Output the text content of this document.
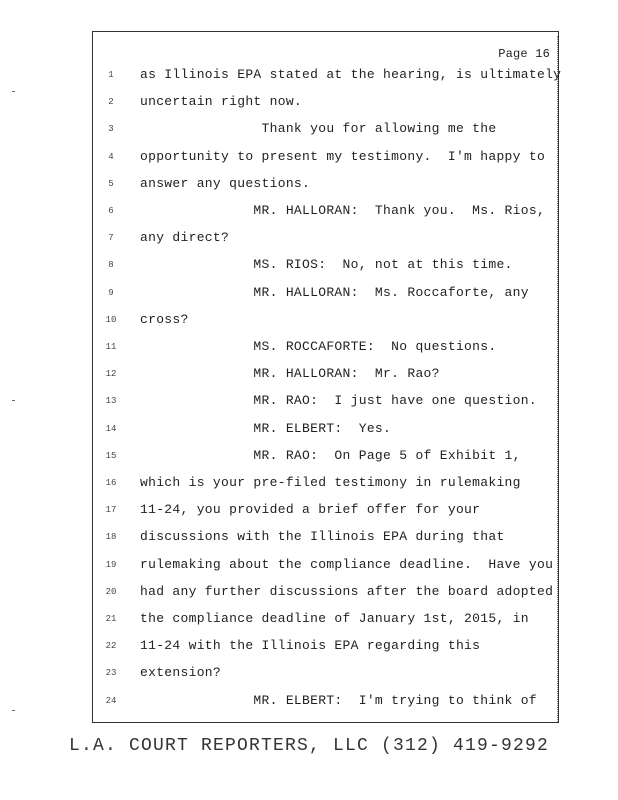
Page 16
1 as Illinois EPA stated at the hearing, is ultimately
2 uncertain right now.
3 Thank you for allowing me the
4 opportunity to present my testimony.  I'm happy to
5 answer any questions.
6 MR. HALLORAN:  Thank you.  Ms. Rios,
7 any direct?
8 MS. RIOS:  No, not at this time.
9 MR. HALLORAN:  Ms. Roccaforte, any
10 cross?
11 MS. ROCCAFORTE:  No questions.
12 MR. HALLORAN:  Mr. Rao?
13 MR. RAO:  I just have one question.
14 MR. ELBERT:  Yes.
15 MR. RAO:  On Page 5 of Exhibit 1,
16 which is your pre-filed testimony in rulemaking
17 11-24, you provided a brief offer for your
18 discussions with the Illinois EPA during that
19 rulemaking about the compliance deadline.  Have you
20 had any further discussions after the board adopted
21 the compliance deadline of January 1st, 2015, in
22 11-24 with the Illinois EPA regarding this
23 extension?
24 MR. ELBERT:  I'm trying to think of
L.A. COURT REPORTERS, LLC (312) 419-9292
